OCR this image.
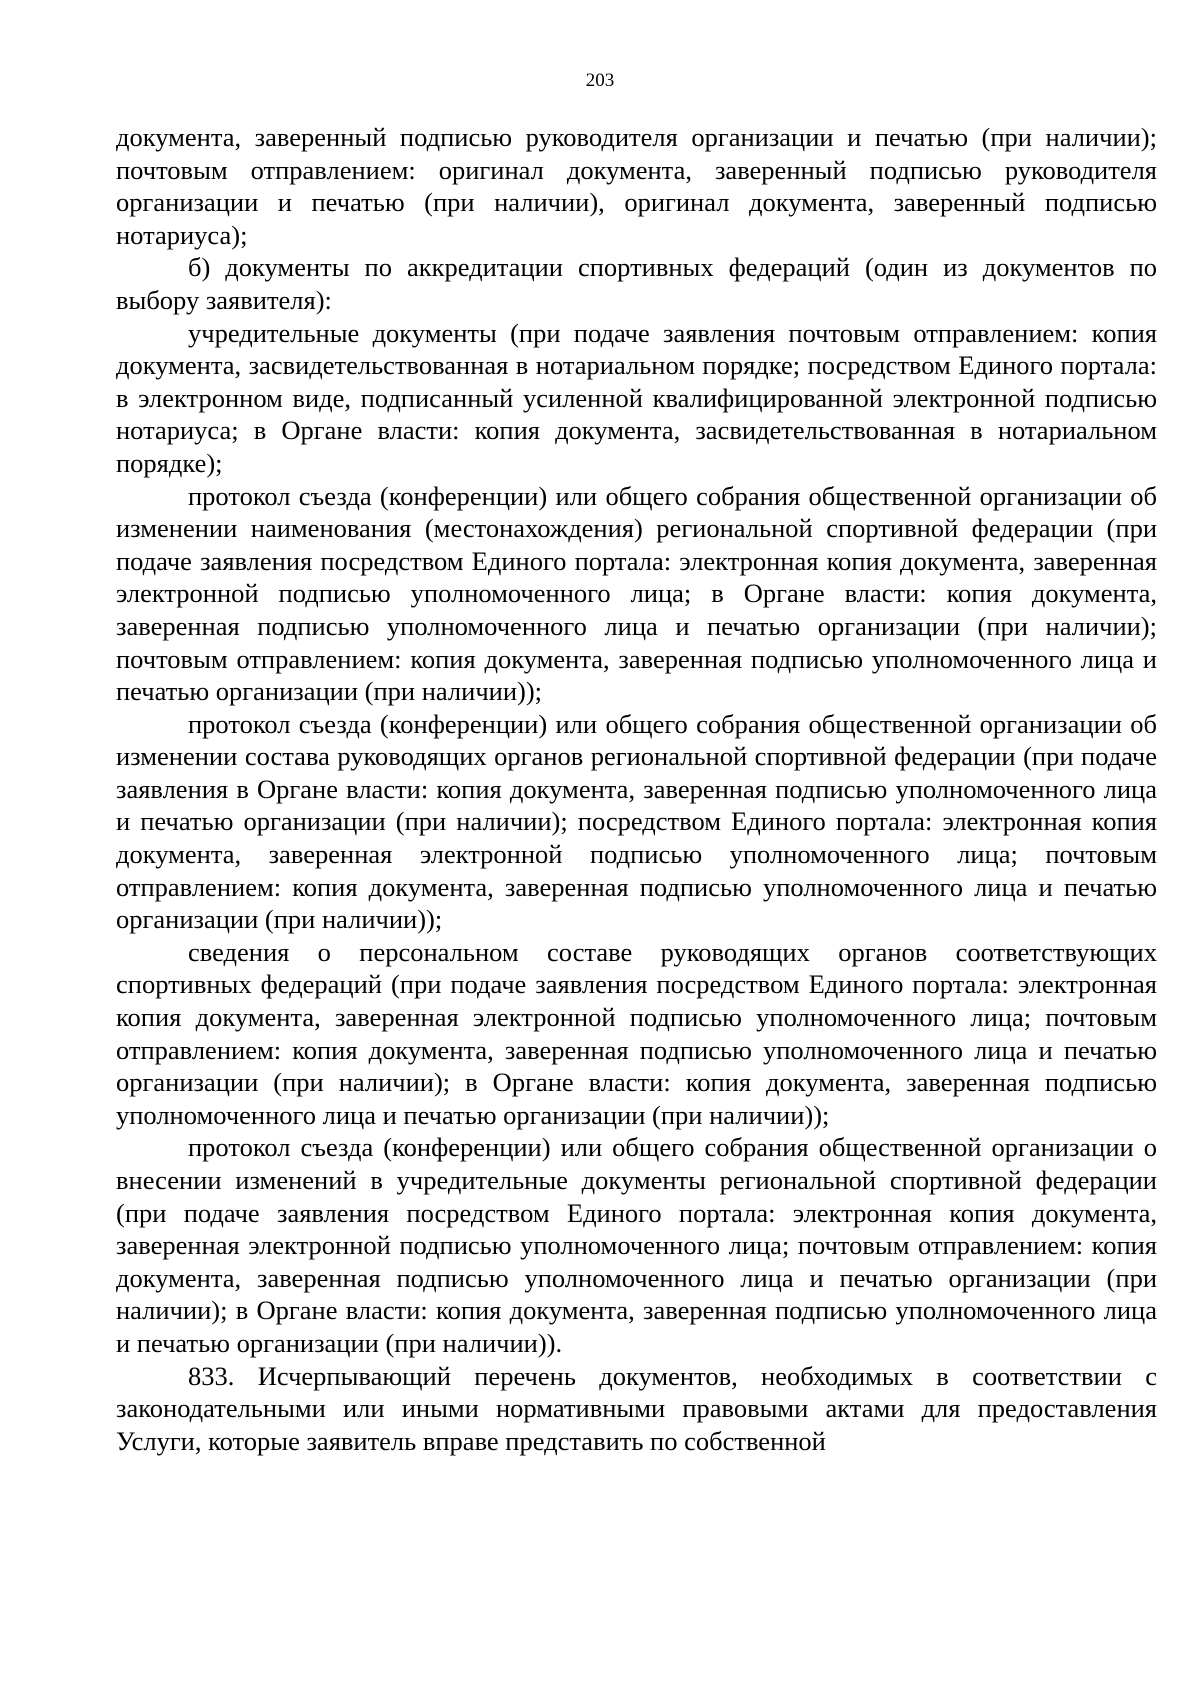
203

документа, заверенный подписью руководителя организации и печатью (при наличии); почтовым отправлением: оригинал документа, заверенный подписью руководителя организации и печатью (при наличии), оригинал документа, заверенный подписью нотариуса);

б) документы по аккредитации спортивных федераций (один из документов по выбору заявителя):

учредительные документы (при подаче заявления почтовым отправлением: копия документа, засвидетельствованная в нотариальном порядке; посредством Единого портала: в электронном виде, подписанный усиленной квалифицированной электронной подписью нотариуса; в Органе власти: копия документа, засвидетельствованная в нотариальном порядке);

протокол съезда (конференции) или общего собрания общественной организации об изменении наименования (местонахождения) региональной спортивной федерации (при подаче заявления посредством Единого портала: электронная копия документа, заверенная электронной подписью уполномоченного лица; в Органе власти: копия документа, заверенная подписью уполномоченного лица и печатью организации (при наличии); почтовым отправлением: копия документа, заверенная подписью уполномоченного лица и печатью организации (при наличии));

протокол съезда (конференции) или общего собрания общественной организации об изменении состава руководящих органов региональной спортивной федерации (при подаче заявления в Органе власти: копия документа, заверенная подписью уполномоченного лица и печатью организации (при наличии); посредством Единого портала: электронная копия документа, заверенная электронной подписью уполномоченного лица; почтовым отправлением: копия документа, заверенная подписью уполномоченного лица и печатью организации (при наличии));

сведения о персональном составе руководящих органов соответствующих спортивных федераций (при подаче заявления посредством Единого портала: электронная копия документа, заверенная электронной подписью уполномоченного лица; почтовым отправлением: копия документа, заверенная подписью уполномоченного лица и печатью организации (при наличии); в Органе власти: копия документа, заверенная подписью уполномоченного лица и печатью организации (при наличии));

протокол съезда (конференции) или общего собрания общественной организации о внесении изменений в учредительные документы региональной спортивной федерации (при подаче заявления посредством Единого портала: электронная копия документа, заверенная электронной подписью уполномоченного лица; почтовым отправлением: копия документа, заверенная подписью уполномоченного лица и печатью организации (при наличии); в Органе власти: копия документа, заверенная подписью уполномоченного лица и печатью организации (при наличии)).

833. Исчерпывающий перечень документов, необходимых в соответствии с законодательными или иными нормативными правовыми актами для предоставления Услуги, которые заявитель вправе представить по собственной
